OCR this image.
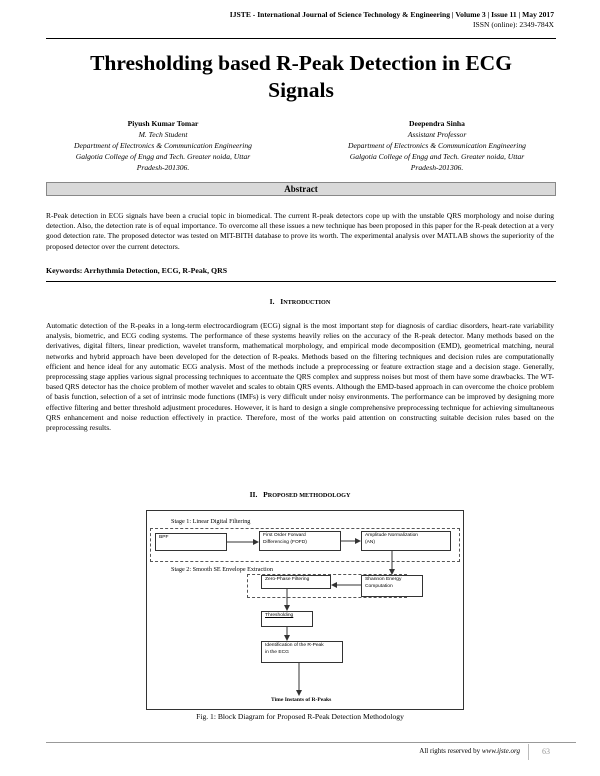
IJSTE - International Journal of Science Technology & Engineering | Volume 3 | Issue 11 | May 2017
ISSN (online): 2349-784X
Thresholding based R-Peak Detection in ECG
Signals
Piyush Kumar Tomar
M. Tech Student
Department of Electronics & Communication Engineering
Galgotia College of Engg and Tech. Greater noida, Uttar
Pradesh-201306.
Deependra Sinha
Assistant Professor
Department of Electronics & Communication Engineering
Galgotia College of Engg and Tech. Greater noida, Uttar
Pradesh-201306.
Abstract
R-Peak detection in ECG signals have been a crucial topic in biomedical. The current R-peak detectors cope up with the unstable QRS morphology and noise during detection. Also, the detection rate is of equal importance. To overcome all these issues a new technique has been proposed in this paper for the R-peak detection at a very good detection rate. The proposed detector was tested on MIT-BITH database to prove its worth. The experimental analysis over MATLAB shows the superiority of the proposed detector over the current detectors.
Keywords: Arrhythmia Detection, ECG, R-Peak, QRS
I. INTRODUCTION
Automatic detection of the R-peaks in a long-term electrocardiogram (ECG) signal is the most important step for diagnosis of cardiac disorders, heart-rate variability analysis, biometric, and ECG coding systems. The performance of these systems heavily relies on the accuracy of the R-peak detector. Many methods based on the derivatives, digital filters, linear prediction, wavelet transform, mathematical morphology, and empirical mode decomposition (EMD), geometrical matching, neural networks and hybrid approach have been developed for the detection of R-peaks. Methods based on the filtering techniques and decision rules are computationally efficient and hence ideal for any automatic ECG analysis. Most of the methods include a preprocessing or feature extraction stage and a decision stage. Generally, preprocessing stage applies various signal processing techniques to accentuate the QRS complex and suppress noises but most of them have some drawbacks. The WT-based QRS detector has the choice problem of mother wavelet and scales to obtain QRS events. Although the EMD-based approach in can overcome the choice problem of basis function, selection of a set of intrinsic mode functions (IMFs) is very difficult under noisy environments. The performance can be improved by designing more effective filtering and better threshold adjustment procedures. However, it is hard to design a single comprehensive preprocessing technique for achieving simultaneous QRS enhancement and noise reduction effectively in practice. Therefore, most of the works paid attention on constructing suitable decision rules based on the preprocessing results.
II. PROPOSED METHODOLOGY
Stage 1: Linear Digital Filtering
Stage 2: Smooth SE Envelope Extraction
BPF	First Order Forward
Differencing (FOFD)
Amplitude Normalization
(AN)
Zero-Phase Filtering	Shannon Energy
Computation
Thresholding
Identification of the R-Peak
in the ECG
Time Instants of R-Peaks
Fig. 1: Block Diagram for Proposed R-Peak Detection Methodology
All rights reserved by www.ijste.org	63
